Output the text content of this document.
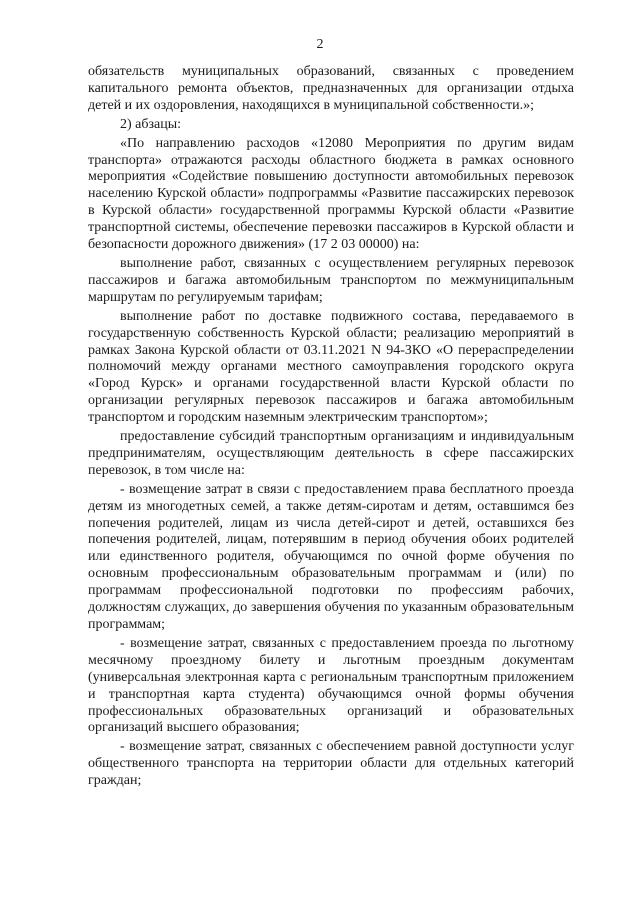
2

обязательств муниципальных образований, связанных с проведением капитального ремонта объектов, предназначенных для организации отдыха детей и их оздоровления, находящихся в муниципальной собственности.»;

2) абзацы:

«По направлению расходов «12080 Мероприятия по другим видам транспорта» отражаются расходы областного бюджета в рамках основного мероприятия «Содействие повышению доступности автомобильных перевозок населению Курской области» подпрограммы «Развитие пассажирских перевозок в Курской области» государственной программы Курской области «Развитие транспортной системы, обеспечение перевозки пассажиров в Курской области и безопасности дорожного движения» (17 2 03 00000) на:

выполнение работ, связанных с осуществлением регулярных перевозок пассажиров и багажа автомобильным транспортом по межмуниципальным маршрутам по регулируемым тарифам;

выполнение работ по доставке подвижного состава, передаваемого в государственную собственность Курской области; реализацию мероприятий в рамках Закона Курской области от 03.11.2021 N 94-ЗКО «О перераспределении полномочий между органами местного самоуправления городского округа «Город Курск» и органами государственной власти Курской области по организации регулярных перевозок пассажиров и багажа автомобильным транспортом и городским наземным электрическим транспортом»;

предоставление субсидий транспортным организациям и индивидуальным предпринимателям, осуществляющим деятельность в сфере пассажирских перевозок, в том числе на:

- возмещение затрат в связи с предоставлением права бесплатного проезда детям из многодетных семей, а также детям-сиротам и детям, оставшимся без попечения родителей, лицам из числа детей-сирот и детей, оставшихся без попечения родителей, лицам, потерявшим в период обучения обоих родителей или единственного родителя, обучающимся по очной форме обучения по основным профессиональным образовательным программам и (или) по программам профессиональной подготовки по профессиям рабочих, должностям служащих, до завершения обучения по указанным образовательным программам;

- возмещение затрат, связанных с предоставлением проезда по льготному месячному проездному билету и льготным проездным документам (универсальная электронная карта с региональным транспортным приложением и транспортная карта студента) обучающимся очной формы обучения профессиональных образовательных организаций и образовательных организаций высшего образования;

- возмещение затрат, связанных с обеспечением равной доступности услуг общественного транспорта на территории области для отдельных категорий граждан;
